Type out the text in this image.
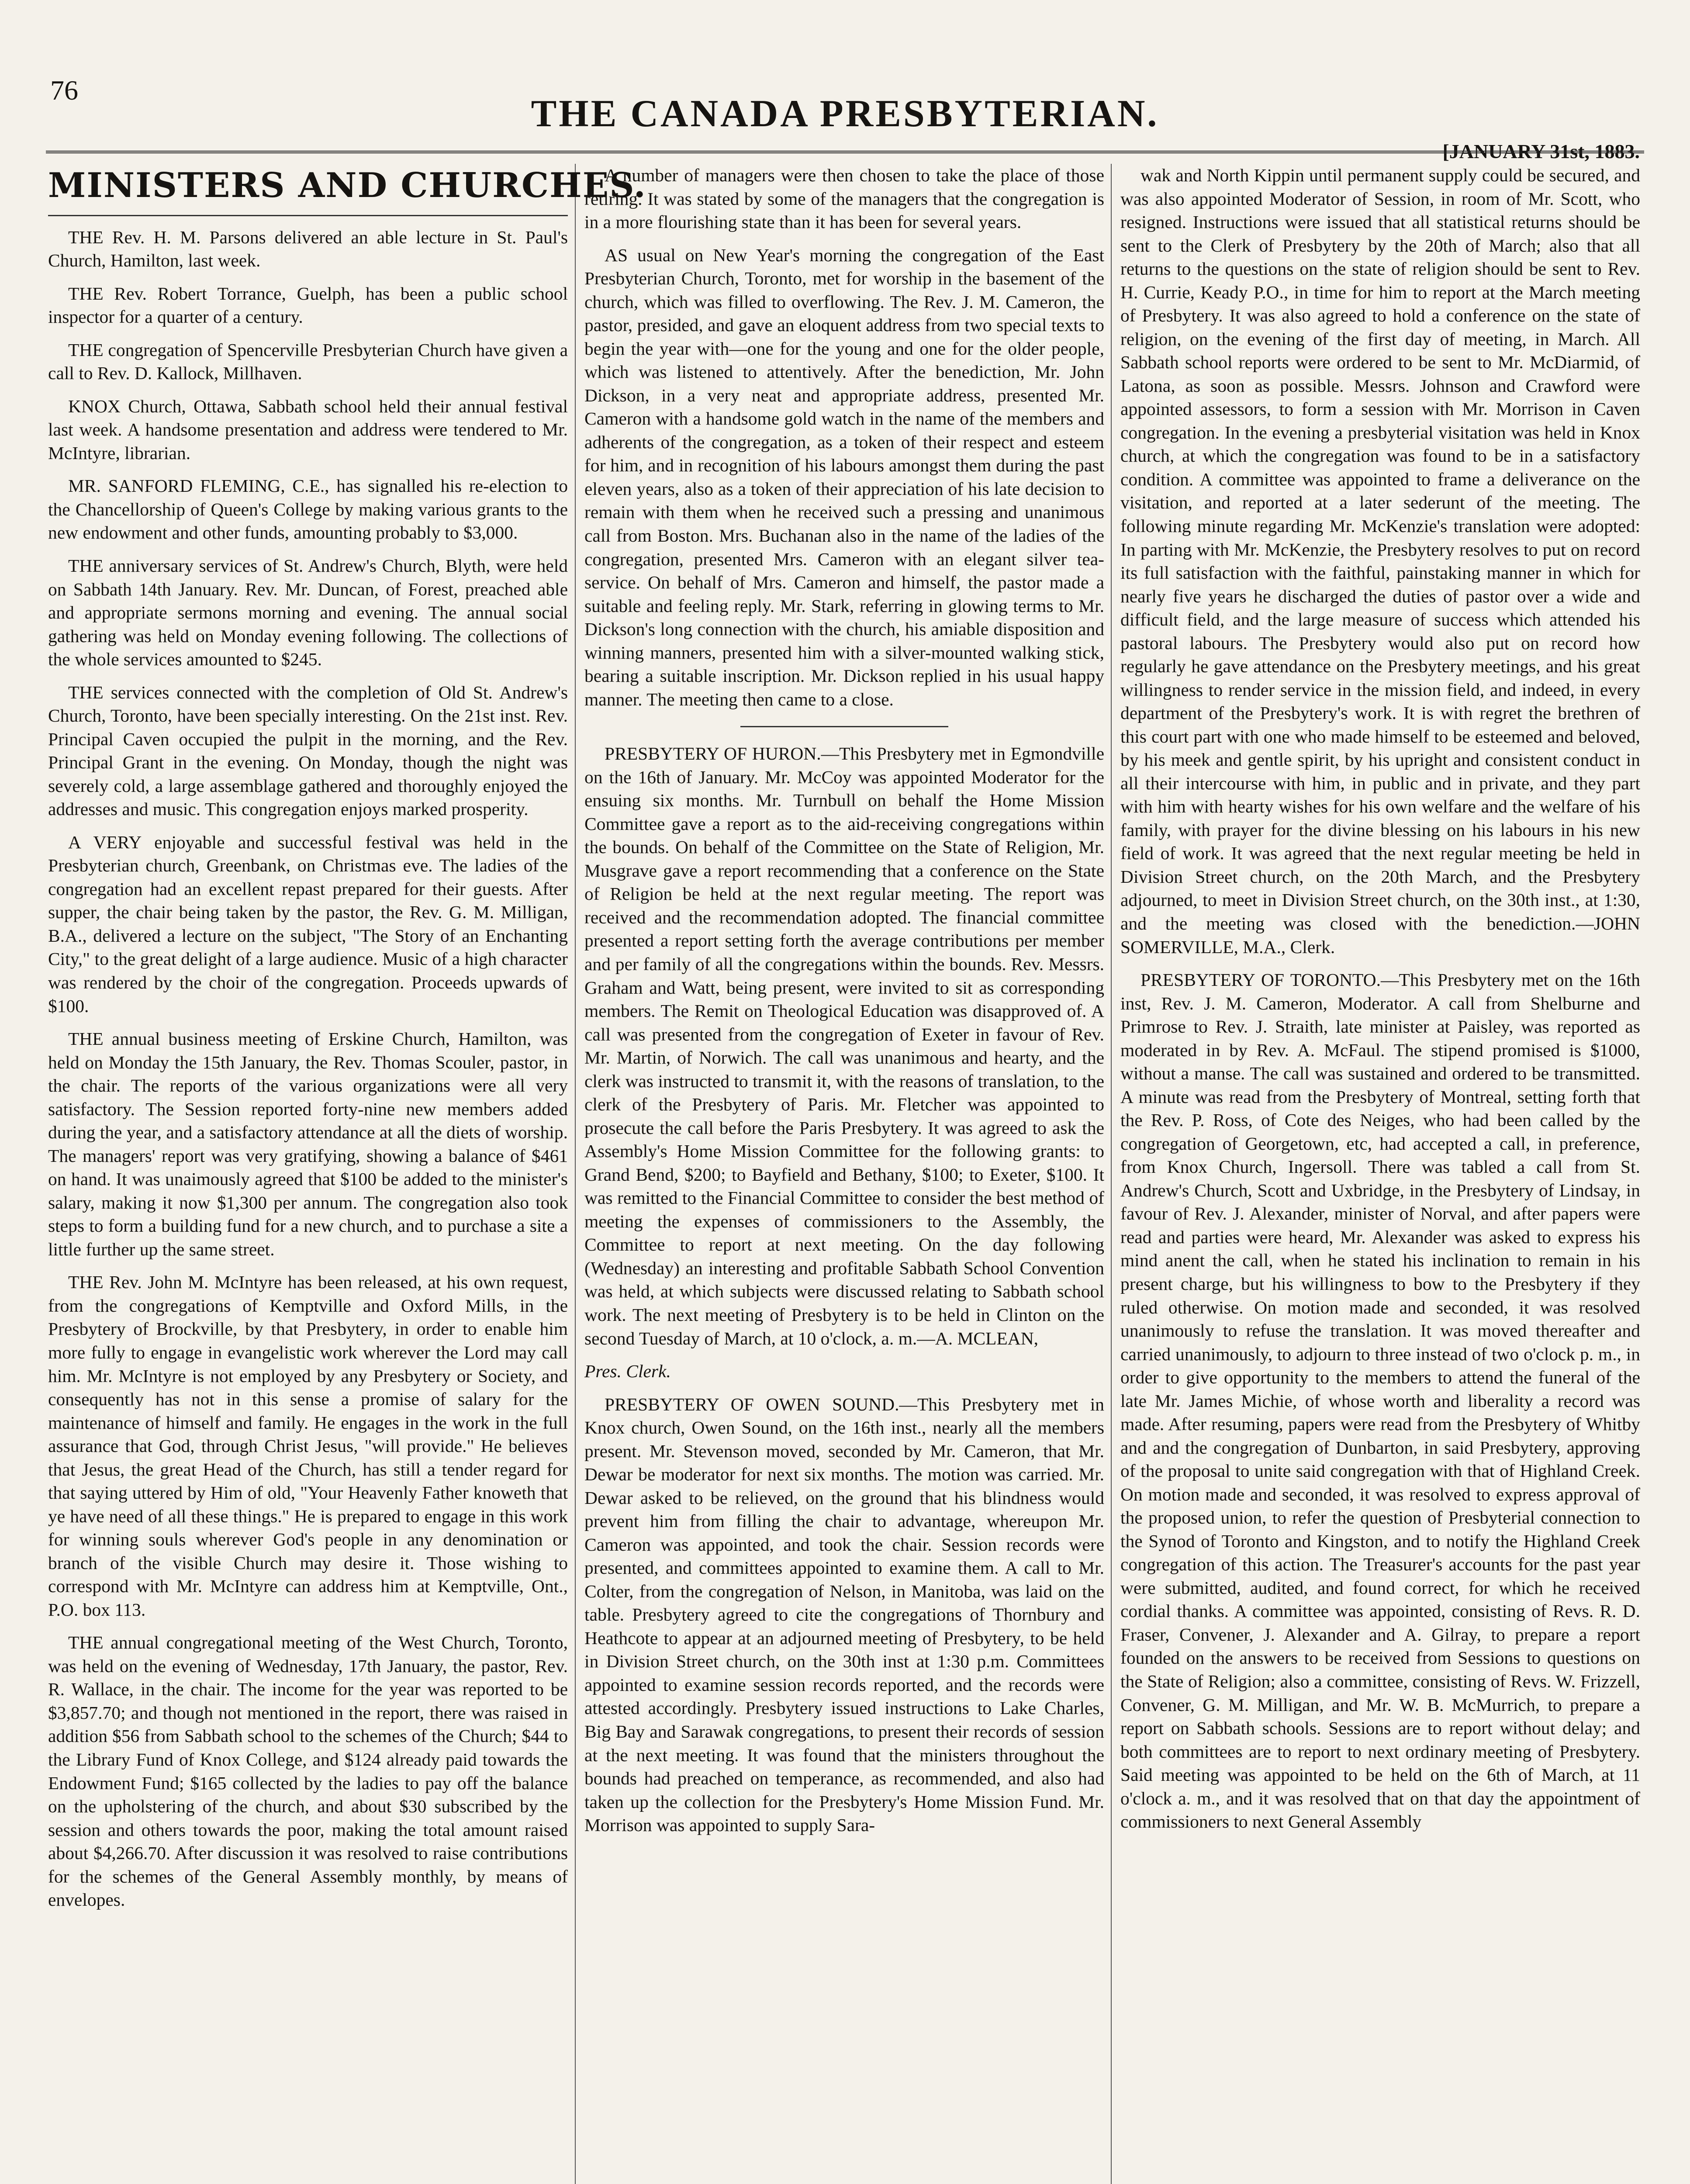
76
THE CANADA PRESBYTERIAN.
[JANUARY 31st, 1883.
MINISTERS AND CHURCHES.

THE Rev. H. M. Parsons delivered an able lecture in St. Paul's Church, Hamilton, last week.

THE Rev. Robert Torrance, Guelph, has been a public school inspector for a quarter of a century.

THE congregation of Spencerville Presbyterian Church have given a call to Rev. D. Kallock, Millhaven.

KNOX Church, Ottawa, Sabbath school held their annual festival last week. A handsome presentation and address were tendered to Mr. McIntyre, librarian.

MR. SANFORD FLEMING, C.E., has signalled his re-election to the Chancellorship of Queen's College by making various grants to the new endowment and other funds, amounting probably to $3,000.

THE anniversary services of St. Andrew's Church, Blyth, were held on Sabbath 14th January. Rev. Mr. Duncan, of Forest, preached able and appropriate sermons morning and evening. The annual social gathering was held on Monday evening following. The collections of the whole services amounted to $245.

THE services connected with the completion of Old St. Andrew's Church, Toronto, have been specially interesting. On the 21st inst. Rev. Principal Caven occupied the pulpit in the morning, and the Rev. Principal Grant in the evening. On Monday, though the night was severely cold, a large assemblage gathered and thoroughly enjoyed the addresses and music. This congregation enjoys marked prosperity.

A VERY enjoyable and successful festival was held in the Presbyterian church, Greenbank, on Christmas eve. The ladies of the congregation had an excellent repast prepared for their guests. After supper, the chair being taken by the pastor, the Rev. G. M. Milligan, B.A., delivered a lecture on the subject, "The Story of an Enchanting City," to the great delight of a large audience. Music of a high character was rendered by the choir of the congregation. Proceeds upwards of $100.

THE annual business meeting of Erskine Church, Hamilton, was held on Monday the 15th January, the Rev. Thomas Scouler, pastor, in the chair. The reports of the various organizations were all very satisfactory. The Session reported forty-nine new members added during the year, and a satisfactory attendance at all the diets of worship. The managers' report was very gratifying, showing a balance of $461 on hand. It was unaimously agreed that $100 be added to the minister's salary, making it now $1,300 per annum. The congregation also took steps to form a building fund for a new church, and to purchase a site a little further up the same street.

THE Rev. John M. McIntyre has been released, at his own request, from the congregations of Kemptville and Oxford Mills, in the Presbytery of Brockville, by that Presbytery, in order to enable him more fully to engage in evangelistic work wherever the Lord may call him. Mr. McIntyre is not employed by any Presbytery or Society, and consequently has not in this sense a promise of salary for the maintenance of himself and family. He engages in the work in the full assurance that God, through Christ Jesus, "will provide." He believes that Jesus, the great Head of the Church, has still a tender regard for that saying uttered by Him of old, "Your Heavenly Father knoweth that ye have need of all these things." He is prepared to engage in this work for winning souls wherever God's people in any denomination or branch of the visible Church may desire it. Those wishing to correspond with Mr. McIntyre can address him at Kemptville, Ont., P.O. box 113.

THE annual congregational meeting of the West Church, Toronto, was held on the evening of Wednesday, 17th January, the pastor, Rev. R. Wallace, in the chair. The income for the year was reported to be $3,857.70; and though not mentioned in the report, there was raised in addition $56 from Sabbath school to the schemes of the Church; $44 to the Library Fund of Knox College, and $124 already paid towards the Endowment Fund; $165 collected by the ladies to pay off the balance on the upholstering of the church, and about $30 subscribed by the session and others towards the poor, making the total amount raised about $4,266.70. After discussion it was resolved to raise contributions for the schemes of the General Assembly monthly, by means of envelopes.

A number of managers were then chosen to take the place of those retiring. It was stated by some of the managers that the congregation is in a more flourishing state than it has been for several years.

AS usual on New Year's morning the congregation of the East Presbyterian Church, Toronto, met for worship in the basement of the church, which was filled to overflowing. The Rev. J. M. Cameron, the pastor, presided, and gave an eloquent address from two special texts to begin the year with—one for the young and one for the older people, which was listened to attentively. After the benediction, Mr. John Dickson, in a very neat and appropriate address, presented Mr. Cameron with a handsome gold watch in the name of the members and adherents of the congregation, as a token of their respect and esteem for him, and in recognition of his labours amongst them during the past eleven years, also as a token of their appreciation of his late decision to remain with them when he received such a pressing and unanimous call from Boston. Mrs. Buchanan also in the name of the ladies of the congregation, presented Mrs. Cameron with an elegant silver tea-service. On behalf of Mrs. Cameron and himself, the pastor made a suitable and feeling reply. Mr. Stark, referring in glowing terms to Mr. Dickson's long connection with the church, his amiable disposition and winning manners, presented him with a silver-mounted walking stick, bearing a suitable inscription. Mr. Dickson replied in his usual happy manner. The meeting then came to a close.

PRESBYTERY OF HURON.—This Presbytery met in Egmondville on the 16th of January. Mr. McCoy was appointed Moderator for the ensuing six months. Mr. Turnbull on behalf the Home Mission Committee gave a report as to the aid-receiving congregations within the bounds. On behalf of the Committee on the State of Religion, Mr. Musgrave gave a report recommending that a conference on the State of Religion be held at the next regular meeting. The report was received and the recommendation adopted. The financial committee presented a report setting forth the average contributions per member and per family of all the congregations within the bounds. Rev. Messrs. Graham and Watt, being present, were invited to sit as corresponding members. The Remit on Theological Education was disapproved of. A call was presented from the congregation of Exeter in favour of Rev. Mr. Martin, of Norwich. The call was unanimous and hearty, and the clerk was instructed to transmit it, with the reasons of translation, to the clerk of the Presbytery of Paris. Mr. Fletcher was appointed to prosecute the call before the Paris Presbytery. It was agreed to ask the Assembly's Home Mission Committee for the following grants: to Grand Bend, $200; to Bayfield and Bethany, $100; to Exeter, $100. It was remitted to the Financial Committee to consider the best method of meeting the expenses of commissioners to the Assembly, the Committee to report at next meeting. On the day following (Wednesday) an interesting and profitable Sabbath School Convention was held, at which subjects were discussed relating to Sabbath school work. The next meeting of Presbytery is to be held in Clinton on the second Tuesday of March, at 10 o'clock, a. m.—A. MCLEAN,

Pres. Clerk.

PRESBYTERY OF OWEN SOUND.—This Presbytery met in Knox church, Owen Sound, on the 16th inst., nearly all the members present. Mr. Stevenson moved, seconded by Mr. Cameron, that Mr. Dewar be moderator for next six months. The motion was carried. Mr. Dewar asked to be relieved, on the ground that his blindness would prevent him from filling the chair to advantage, whereupon Mr. Cameron was appointed, and took the chair. Session records were presented, and committees appointed to examine them. A call to Mr. Colter, from the congregation of Nelson, in Manitoba, was laid on the table. Presbytery agreed to cite the congregations of Thornbury and Heathcote to appear at an adjourned meeting of Presbytery, to be held in Division Street church, on the 30th inst at 1:30 p.m. Committees appointed to examine session records reported, and the records were attested accordingly. Presbytery issued instructions to Lake Charles, Big Bay and Sarawak congregations, to present their records of session at the next meeting. It was found that the ministers throughout the bounds had preached on temperance, as recommended, and also had taken up the collection for the Presbytery's Home Mission Fund. Mr. Morrison was appointed to supply Sara-

wak and North Kippin until permanent supply could be secured, and was also appointed Moderator of Session, in room of Mr. Scott, who resigned. Instructions were issued that all statistical returns should be sent to the Clerk of Presbytery by the 20th of March; also that all returns to the questions on the state of religion should be sent to Rev. H. Currie, Keady P.O., in time for him to report at the March meeting of Presbytery. It was also agreed to hold a conference on the state of religion, on the evening of the first day of meeting, in March. All Sabbath school reports were ordered to be sent to Mr. McDiarmid, of Latona, as soon as possible. Messrs. Johnson and Crawford were appointed assessors, to form a session with Mr. Morrison in Caven congregation. In the evening a presbyterial visitation was held in Knox church, at which the congregation was found to be in a satisfactory condition. A committee was appointed to frame a deliverance on the visitation, and reported at a later sederunt of the meeting. The following minute regarding Mr. McKenzie's translation were adopted: In parting with Mr. McKenzie, the Presbytery resolves to put on record its full satisfaction with the faithful, painstaking manner in which for nearly five years he discharged the duties of pastor over a wide and difficult field, and the large measure of success which attended his pastoral labours. The Presbytery would also put on record how regularly he gave attendance on the Presbytery meetings, and his great willingness to render service in the mission field, and indeed, in every department of the Presbytery's work. It is with regret the brethren of this court part with one who made himself to be esteemed and beloved, by his meek and gentle spirit, by his upright and consistent conduct in all their intercourse with him, in public and in private, and they part with him with hearty wishes for his own welfare and the welfare of his family, with prayer for the divine blessing on his labours in his new field of work. It was agreed that the next regular meeting be held in Division Street church, on the 20th March, and the Presbytery adjourned, to meet in Division Street church, on the 30th inst., at 1:30, and the meeting was closed with the benediction.—JOHN SOMERVILLE, M.A., Clerk.

PRESBYTERY OF TORONTO.—This Presbytery met on the 16th inst, Rev. J. M. Cameron, Moderator. A call from Shelburne and Primrose to Rev. J. Straith, late minister at Paisley, was reported as moderated in by Rev. A. McFaul. The stipend promised is $1000, without a manse. The call was sustained and ordered to be transmitted. A minute was read from the Presbytery of Montreal, setting forth that the Rev. P. Ross, of Cote des Neiges, who had been called by the congregation of Georgetown, etc, had accepted a call, in preference, from Knox Church, Ingersoll. There was tabled a call from St. Andrew's Church, Scott and Uxbridge, in the Presbytery of Lindsay, in favour of Rev. J. Alexander, minister of Norval, and after papers were read and parties were heard, Mr. Alexander was asked to express his mind anent the call, when he stated his inclination to remain in his present charge, but his willingness to bow to the Presbytery if they ruled otherwise. On motion made and seconded, it was resolved unanimously to refuse the translation. It was moved thereafter and carried unanimously, to adjourn to three instead of two o'clock p. m., in order to give opportunity to the members to attend the funeral of the late Mr. James Michie, of whose worth and liberality a record was made. After resuming, papers were read from the Presbytery of Whitby and and the congregation of Dunbarton, in said Presbytery, approving of the proposal to unite said congregation with that of Highland Creek. On motion made and seconded, it was resolved to express approval of the proposed union, to refer the question of Presbyterial connection to the Synod of Toronto and Kingston, and to notify the Highland Creek congregation of this action. The Treasurer's accounts for the past year were submitted, audited, and found correct, for which he received cordial thanks. A committee was appointed, consisting of Revs. R. D. Fraser, Convener, J. Alexander and A. Gilray, to prepare a report founded on the answers to be received from Sessions to questions on the State of Religion; also a committee, consisting of Revs. W. Frizzell, Convener, G. M. Milligan, and Mr. W. B. McMurrich, to prepare a report on Sabbath schools. Sessions are to report without delay; and both committees are to report to next ordinary meeting of Presbytery. Said meeting was appointed to be held on the 6th of March, at 11 o'clock a. m., and it was resolved that on that day the appointment of commissioners to next General Assembly
